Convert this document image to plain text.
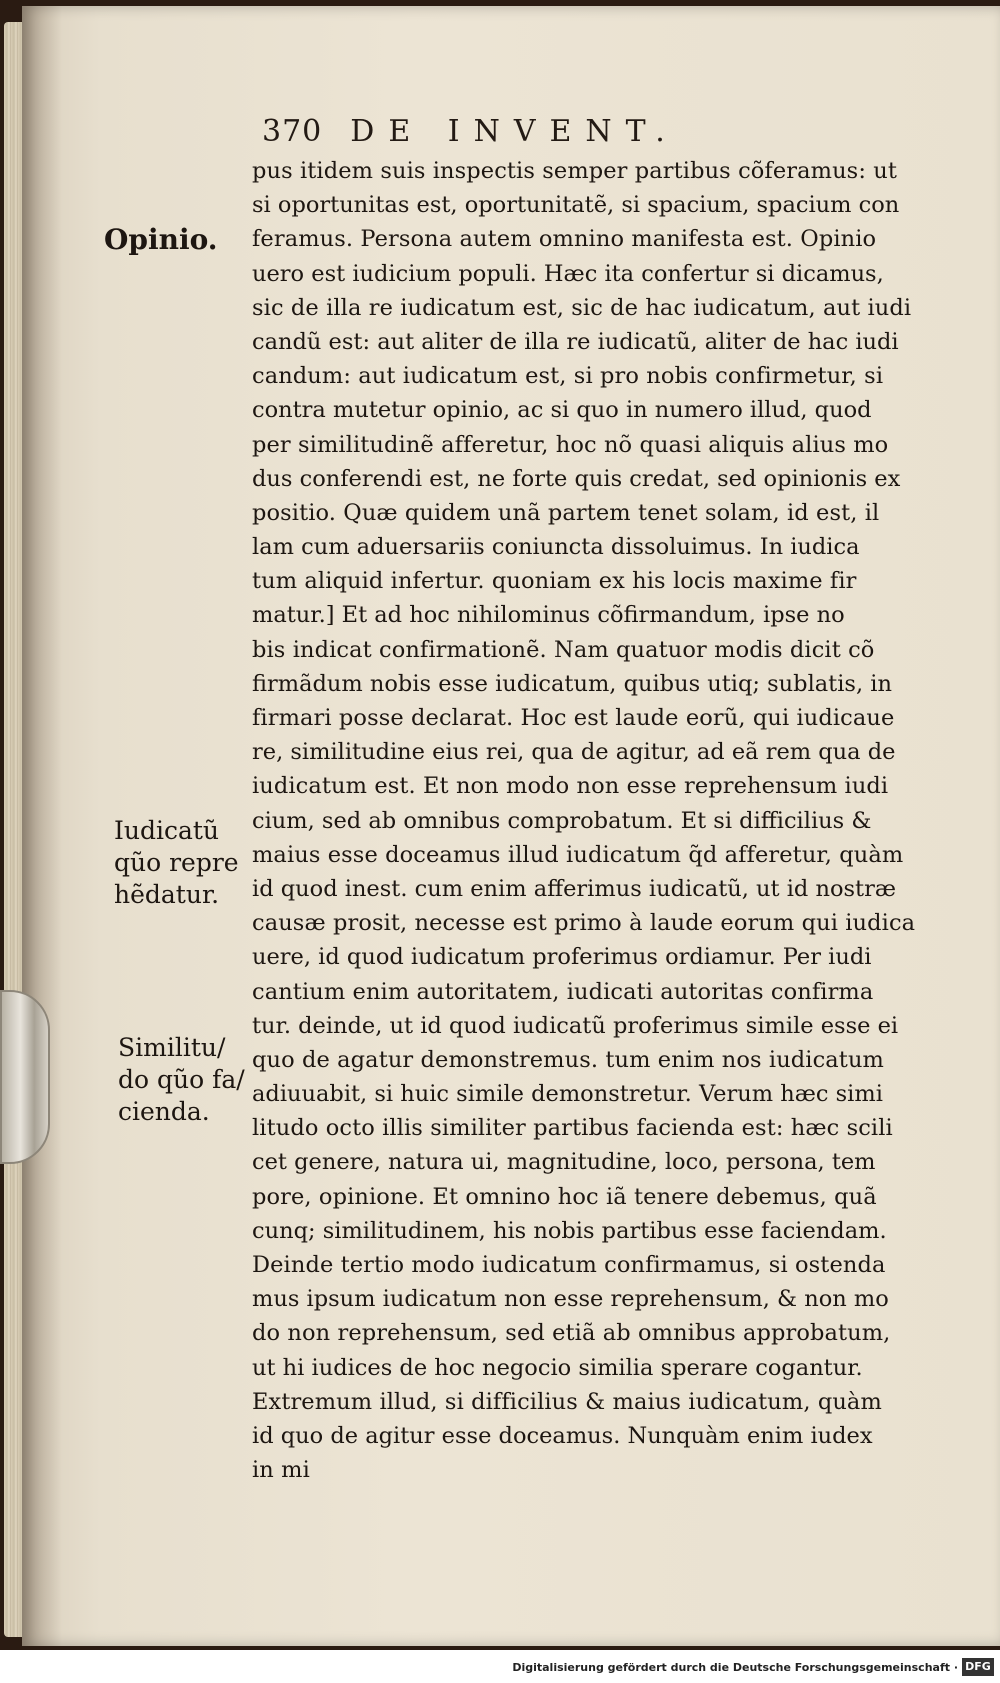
370 DE INVENT.
Opinio.
Iudicatũ
qũo repre
hẽdatur.
Similitu/
do qũo fa/
cienda.
pus itidem suis inspectis semper partibus cõferamus: ut
si oportunitas est, oportunitatẽ, si spacium, spacium con
feramus. Persona autem omnino manifesta est. Opinio
uero est iudicium populi. Hæc ita confertur si dicamus,
sic de illa re iudicatum est, sic de hac iudicatum, aut iudi
candũ est: aut aliter de illa re iudicatũ, aliter de hac iudi
candum: aut iudicatum est, si pro nobis confirmetur, si
contra mutetur opinio, ac si quo in numero illud, quod
per similitudinẽ afferetur, hoc nõ quasi aliquis alius mo
dus conferendi est, ne forte quis credat, sed opinionis ex
positio. Quæ quidem unã partem tenet solam, id est, il
lam cum aduersariis coniuncta dissoluimus. In iudica
tum aliquid infertur. quoniam ex his locis maxime fir
matur.] Et ad hoc nihilominus cõfirmandum, ipse no
bis indicat confirmationẽ. Nam quatuor modis dicit cõ
firmãdum nobis esse iudicatum, quibus utiq; sublatis, in
firmari posse declarat. Hoc est laude eorũ, qui iudicaue
re, similitudine eius rei, qua de agitur, ad eã rem qua de
iudicatum est. Et non modo non esse reprehensum iudi
cium, sed ab omnibus comprobatum. Et si difficilius &
maius esse doceamus illud iudicatum q̃d afferetur, quàm
id quod inest. cum enim afferimus iudicatũ, ut id nostræ
causæ prosit, necesse est primo à laude eorum qui iudica
uere, id quod iudicatum proferimus ordiamur. Per iudi
cantium enim autoritatem, iudicati autoritas confirma
tur. deinde, ut id quod iudicatũ proferimus simile esse ei
quo de agatur demonstremus. tum enim nos iudicatum
adiuuabit, si huic simile demonstretur. Verum hæc simi
litudo octo illis similiter partibus facienda est: hæc scili
cet genere, natura ui, magnitudine, loco, persona, tem
pore, opinione. Et omnino hoc iã tenere debemus, quã
cunq; similitudinem, his nobis partibus esse faciendam.
Deinde tertio modo iudicatum confirmamus, si ostenda
mus ipsum iudicatum non esse reprehensum, & non mo
do non reprehensum, sed etiã ab omnibus approbatum,
ut hi iudices de hoc negocio similia sperare cogantur.
Extremum illud, si difficilius & maius iudicatum, quàm
id quo de agitur esse doceamus. Nunquàm enim iudex
in mi
Digitalisierung gefördert durch die Deutsche Forschungsgemeinschaft · DFG
